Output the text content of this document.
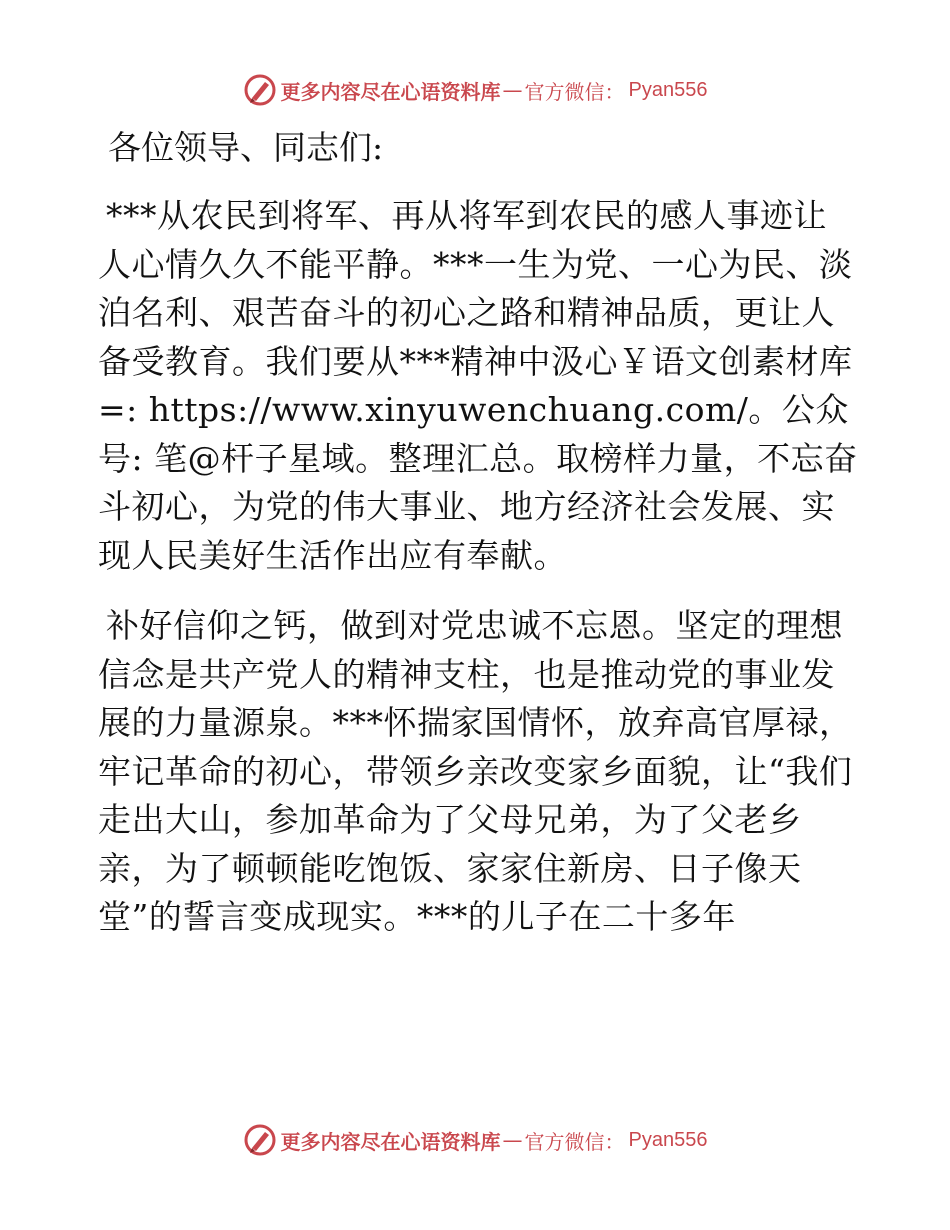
更多内容尽在心语资料库 — 官方微信： Pyan556
各位领导、同志们:

***从农民到将军、再从将军到农民的感人事迹让人心情久久不能平静。***一生为党、一心为民、淡泊名利、艰苦奋斗的初心之路和精神品质，更让人备受教育。我们要从***精神中汲心￥语文创素材库=: https://www.xinyuwenchuang.com/。公众号: 笔@杆子星域。整理汇总。取榜样力量，不忘奋斗初心，为党的伟大事业、地方经济社会发展、实现人民美好生活作出应有奉献。

补好信仰之钙，做到对党忠诚不忘恩。坚定的理想信念是共产党人的精神支柱，也是推动党的事业发展的力量源泉。***怀揣家国情怀，放弃高官厚禄，牢记革命的初心，带领乡亲改变家乡面貌，让“我们走出大山，参加革命为了父母兄弟，为了父老乡亲，为了顿顿能吃饱饭、家家住新房、日子像天堂”的誓言变成现实。***的儿子在二十多年

更多内容尽在心语资料库 — 官方微信： Pyan556
